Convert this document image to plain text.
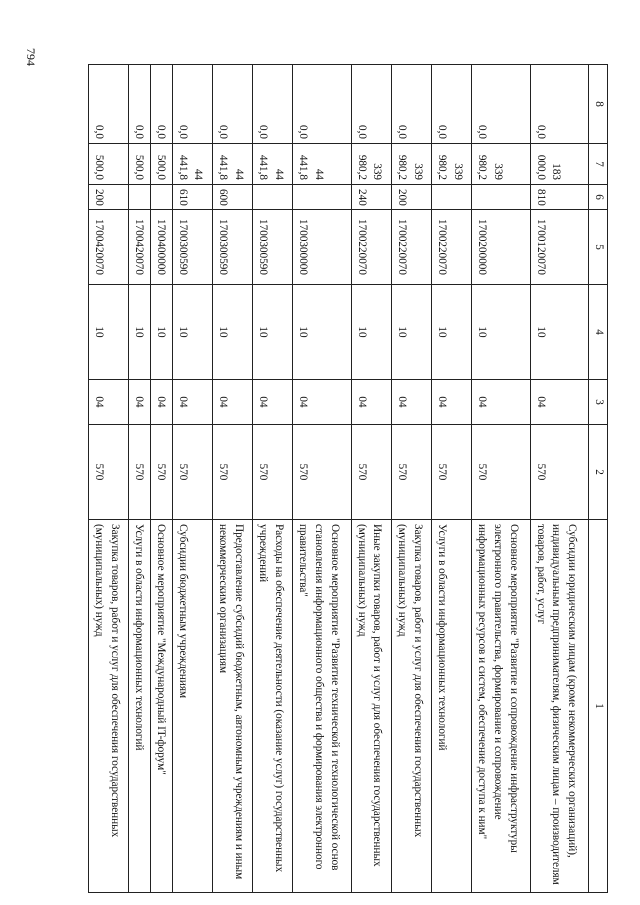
794
8	7	6	5	4	3	2	1
0,0	183 000,0	810	1700120070	10	04	570	Субсидии юридическим лицам (кроме некоммерческих организаций), индивидуальным предпринимателям, физическим лицам – производителям товаров, работ, услуг
0,0	339 980,2		1700200000	10	04	570	Основное мероприятие "Развитие и сопровождение инфраструктуры электронного правительства, формирование и сопровождение информационных ресурсов и систем, обеспечение доступа к ним"
0,0	339 980,2		1700220070	10	04	570	Услуги в области информационных технологий
0,0	339 980,2	200	1700220070	10	04	570	Закупка товаров, работ и услуг для обеспечения государственных (муниципальных) нужд
0,0	339 980,2	240	1700220070	10	04	570	Иные закупки товаров, работ и услуг для обеспечения государственных (муниципальных) нужд
0,0	44 441,8		1700300000	10	04	570	Основное мероприятие "Развитие технической и технологической основ становления информационного общества и формирования электронного правительства"
0,0	44 441,8		1700300590	10	04	570	Расходы на обеспечение деятельности (оказание услуг) государственных учреждений
0,0	44 441,8	600	1700300590	10	04	570	Предоставление субсидий бюджетным, автономным учреждениям и иным некоммерческим организациям
0,0	44 441,8	610	1700300590	10	04	570	Субсидии бюджетным учреждениям
0,0	500,0		1700400000	10	04	570	Основное мероприятие "Международный IT-форум"
0,0	500,0		1700420070	10	04	570	Услуги в области информационных технологий
0,0	500,0	200	1700420070	10	04	570	Закупка товаров, работ и услуг для обеспечения государственных (муниципальных) нужд
